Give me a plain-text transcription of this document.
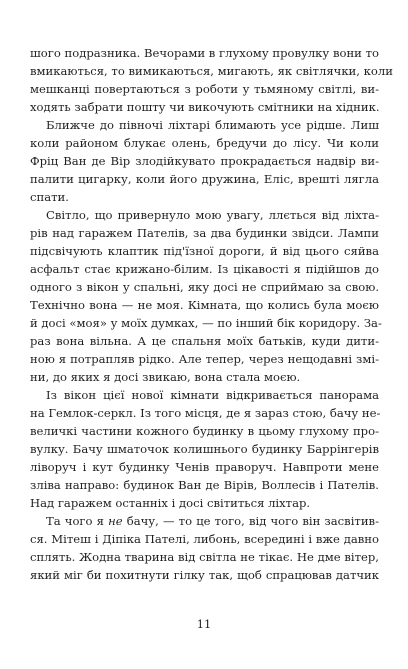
шого подразника. Вечорами в глухому провулку вони то
вмикаються, то вимикаються, мигають, як світлячки, коли
мешканці повертаються з роботи у тьмяному світлі, ви-
ходять забрати пошту чи викочують смітники на хідник.
Ближче до півночі ліхтарі блимають усе рідше. Лиш
коли районом блукає олень, бредучи до лісу. Чи коли
Фріц Ван де Вір злодійкувато прокрадається надвір ви-
палити цигарку, коли його дружина, Еліс, врешті лягла
спати.
Світло, що привернуло мою увагу, ллється від ліхта-
рів над гаражем Пателів, за два будинки звідси. Лампи
підсвічують клаптик під'їзної дороги, й від цього сяйва
асфальт стає крижано-білим. Із цікавості я підійшов до
одного з вікон у спальні, яку досі не сприймаю за свою.
Технічно вона — не моя. Кімната, що колись була моєю
й досі «моя» у моїх думках, — по інший бік коридору. За-
раз вона вільна. А це спальня моїх батьків, куди дити-
ною я потрапляв рідко. Але тепер, через нещодавні змі-
ни, до яких я досі звикаю, вона стала моєю.
Із вікон цієї нової кімнати відкривається панорама
на Гемлок-серкл. Із того місця, де я зараз стою, бачу не-
величкі частини кожного будинку в цьому глухому про-
вулку. Бачу шматочок колишнього будинку Баррінгерів
ліворуч і кут будинку Ченів праворуч. Навпроти мене
зліва направо: будинок Ван де Вірів, Воллесів і Пателів.
Над гаражем останніх і досі світиться ліхтар.
Та чого я не бачу, — то це того, від чого він засвітив-
ся. Мітеш і Діпіка Пателі, либонь, всередині і вже давно
сплять. Жодна тварина від світла не тікає. Не дме вітер,
який міг би похитнути гілку так, щоб спрацював датчик
11
